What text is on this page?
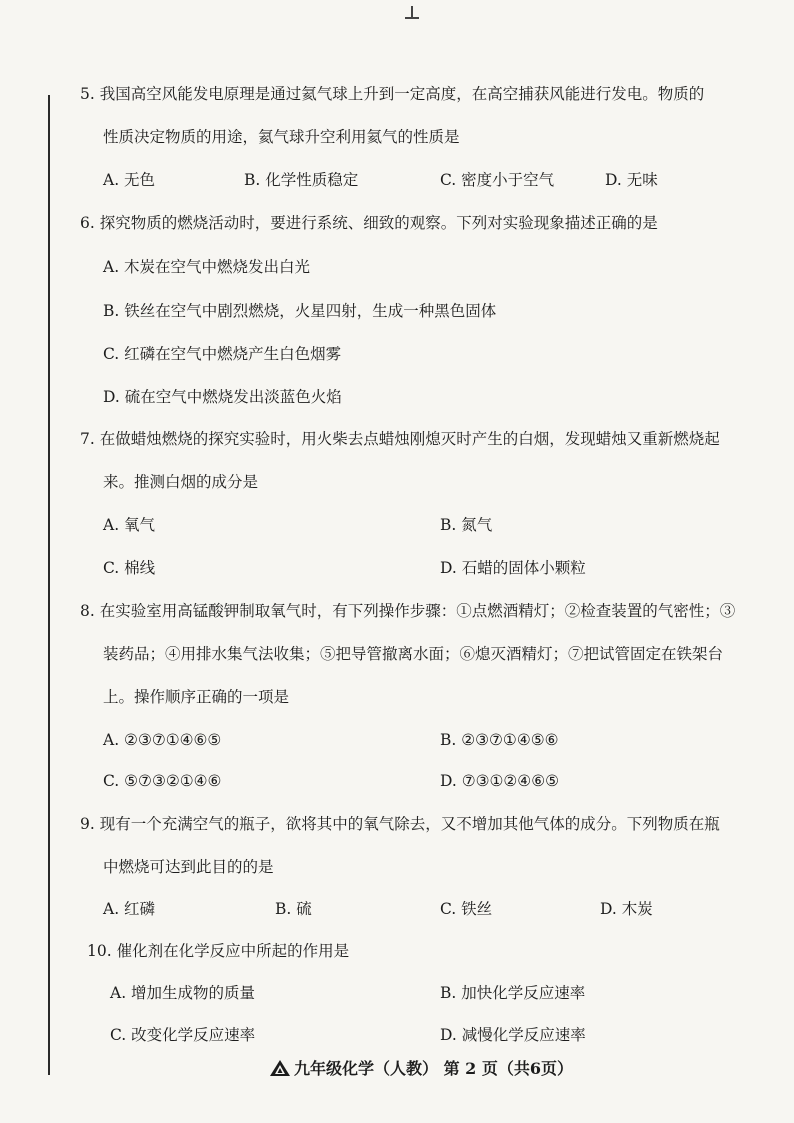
5. 我国高空风能发电原理是通过氦气球上升到一定高度，在高空捕获风能进行发电。物质的
性质决定物质的用途，氦气球升空利用氦气的性质是
A. 无色	B. 化学性质稳定	C. 密度小于空气	D. 无味
6. 探究物质的燃烧活动时，要进行系统、细致的观察。下列对实验现象描述正确的是
A. 木炭在空气中燃烧发出白光
B. 铁丝在空气中剧烈燃烧，火星四射，生成一种黑色固体
C. 红磷在空气中燃烧产生白色烟雾
D. 硫在空气中燃烧发出淡蓝色火焰
7. 在做蜡烛燃烧的探究实验时，用火柴去点蜡烛刚熄灭时产生的白烟，发现蜡烛又重新燃烧起
来。推测白烟的成分是
A. 氧气	B. 氮气
C. 棉线	D. 石蜡的固体小颗粒
8. 在实验室用高锰酸钾制取氧气时，有下列操作步骤：①点燃酒精灯；②检查装置的气密性；③
装药品；④用排水集气法收集；⑤把导管撤离水面；⑥熄灭酒精灯；⑦把试管固定在铁架台
上。操作顺序正确的一项是
A. ②③⑦①④⑥⑤	B. ②③⑦①④⑤⑥
C. ⑤⑦③②①④⑥	D. ⑦③①②④⑥⑤
9. 现有一个充满空气的瓶子，欲将其中的氧气除去，又不增加其他气体的成分。下列物质在瓶
中燃烧可达到此目的的是
A. 红磷	B. 硫	C. 铁丝	D. 木炭
10. 催化剂在化学反应中所起的作用是
A. 增加生成物的质量	B. 加快化学反应速率
C. 改变化学反应速率	D. 减慢化学反应速率
九年级化学（人教） 第 2 页（共6页）
